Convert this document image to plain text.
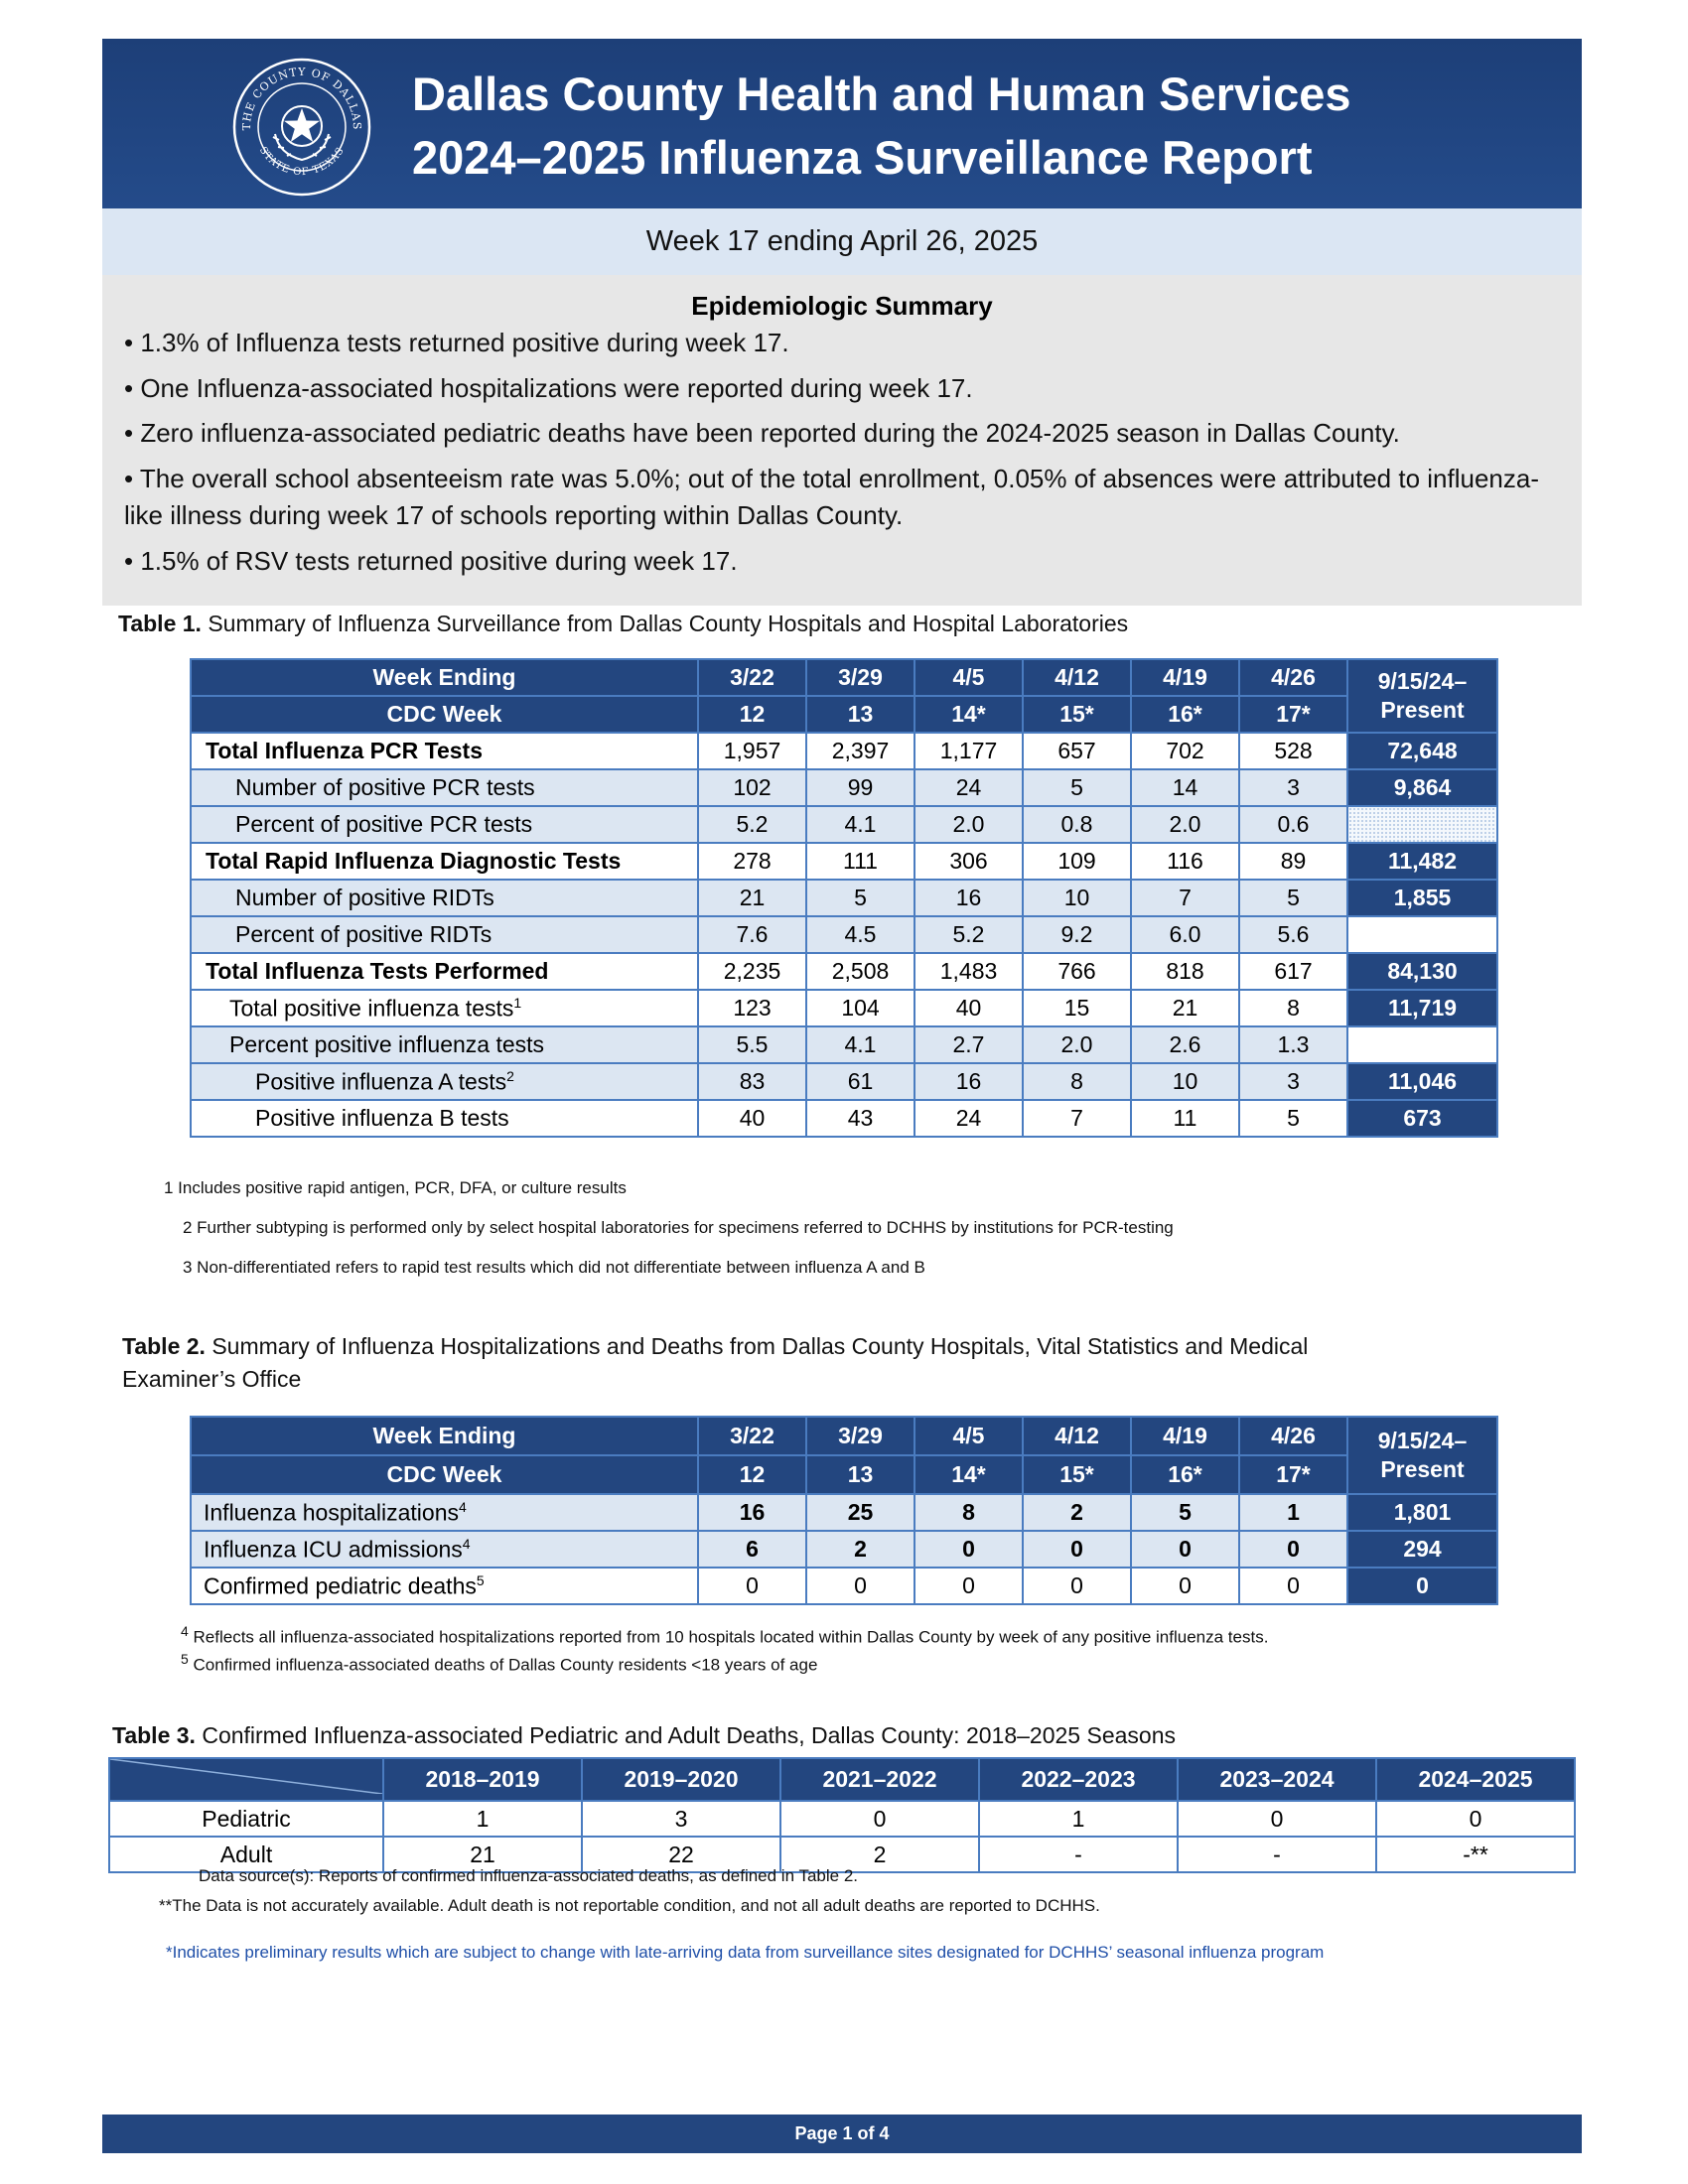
THE COUNTY OF DALLAS
STATE OF TEXAS
Dallas County Health and Human Services
2024–2025 Influenza Surveillance Report
Week 17 ending April 26, 2025
Epidemiologic Summary
• 1.3% of Influenza tests returned positive during week 17.
• One Influenza-associated hospitalizations were reported during week 17.
• Zero influenza-associated pediatric deaths have been reported during the 2024-2025 season in Dallas County.
• The overall school absenteeism rate was 5.0%; out of the total enrollment, 0.05% of absences were attributed to influenza-like illness during week 17 of schools reporting within Dallas County.
• 1.5% of RSV tests returned positive during week 17.
Table 1. Summary of Influenza Surveillance from Dallas County Hospitals and Hospital Laboratories
Week Ending	3/22	3/29	4/5	4/12	4/19	4/26	9/15/24–
Present

CDC Week	12	13	14*	15*	16*	17*	
Total Influenza PCR Tests	1,957	2,397	1,177	657	702	528	72,648
Number of positive PCR tests	102	99	24	5	14	3	9,864
Percent of positive PCR tests	5.2	4.1	2.0	0.8	2.0	0.6	
Total Rapid Influenza Diagnostic Tests	278	111	306	109	116	89	11,482
Number of positive RIDTs	21	5	16	10	7	5	1,855
Percent of positive RIDTs	7.6	4.5	5.2	9.2	6.0	5.6	
Total Influenza Tests Performed	2,235	2,508	1,483	766	818	617	84,130
Total positive influenza tests$^1$	123	104	40	15	21	8	11,719
Percent positive influenza tests	5.5	4.1	2.7	2.0	2.6	1.3	
Positive influenza A tests$^2$	83	61	16	8	10	3	11,046
Positive influenza B tests	40	43	24	7	11	5	673
1 Includes positive rapid antigen, PCR, DFA, or culture results
2 Further subtyping is performed only by select hospital laboratories for specimens referred to DCHHS by institutions for PCR-testing
3 Non-differentiated refers to rapid test results which did not differentiate between influenza A and B
Table 2. Summary of Influenza Hospitalizations and Deaths from Dallas County Hospitals, Vital Statistics and Medical
Examiner’s Office
Week Ending	3/22	3/29	4/5	4/12	4/19	4/26	9/15/24–
Present

CDC Week	12	13	14*	15*	16*	17*	
Influenza hospitalizations$^4$	16	25	8	2	5	1	1,801
Influenza ICU admissions$^4$	6	2	0	0	0	0	294
Confirmed pediatric deaths$^5$	0	0	0	0	0	0	0
$^4$ Reflects all influenza-associated hospitalizations reported from 10 hospitals located within Dallas County by week of any positive influenza tests.
$^5$ Confirmed influenza-associated deaths of Dallas County residents <18 years of age
Table 3. Confirmed Influenza-associated Pediatric and Adult Deaths, Dallas County: 2018–2025 Seasons
	2018–2019	2019–2020	2021–2022	2022–2023	2023–2024	2024–2025
Pediatric	1	3	0	1	0	0
Adult	21	22	2	-	-	-**
Data source(s): Reports of confirmed influenza-associated deaths, as defined in Table 2.
**The Data is not accurately available. Adult death is not reportable condition, and not all adult deaths are reported to DCHHS.
*Indicates preliminary results which are subject to change with late-arriving data from surveillance sites designated for DCHHS’ seasonal influenza program
Page 1 of 4
